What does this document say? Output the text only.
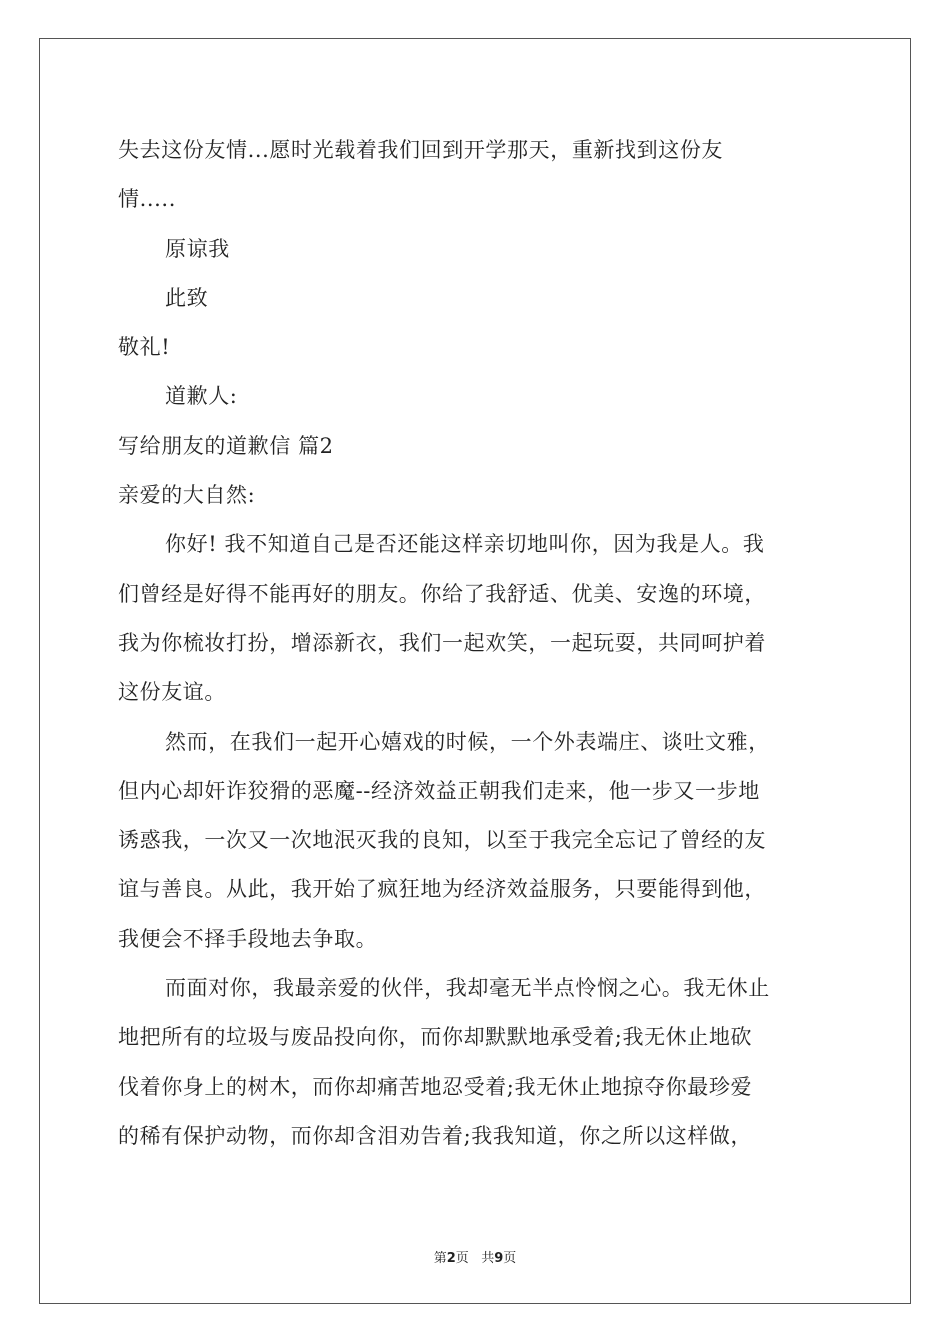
失去这份友情...愿时光载着我们回到开学那天，重新找到这份友
情.....
原谅我
此致
敬礼!
道歉人:
写给朋友的道歉信 篇2
亲爱的大自然:
你好! 我不知道自己是否还能这样亲切地叫你，因为我是人。我
们曾经是好得不能再好的朋友。你给了我舒适、优美、安逸的环境，
我为你梳妆打扮，增添新衣，我们一起欢笑，一起玩耍，共同呵护着
这份友谊。
然而，在我们一起开心嬉戏的时候，一个外表端庄、谈吐文雅，
但内心却奸诈狡猾的恶魔--经济效益正朝我们走来，他一步又一步地
诱惑我，一次又一次地泯灭我的良知，以至于我完全忘记了曾经的友
谊与善良。从此，我开始了疯狂地为经济效益服务，只要能得到他，
我便会不择手段地去争取。
而面对你，我最亲爱的伙伴，我却毫无半点怜悯之心。我无休止
地把所有的垃圾与废品投向你，而你却默默地承受着;我无休止地砍
伐着你身上的树木，而你却痛苦地忍受着;我无休止地掠夺你最珍爱
的稀有保护动物，而你却含泪劝告着;我我知道，你之所以这样做，
第2页   共9页
